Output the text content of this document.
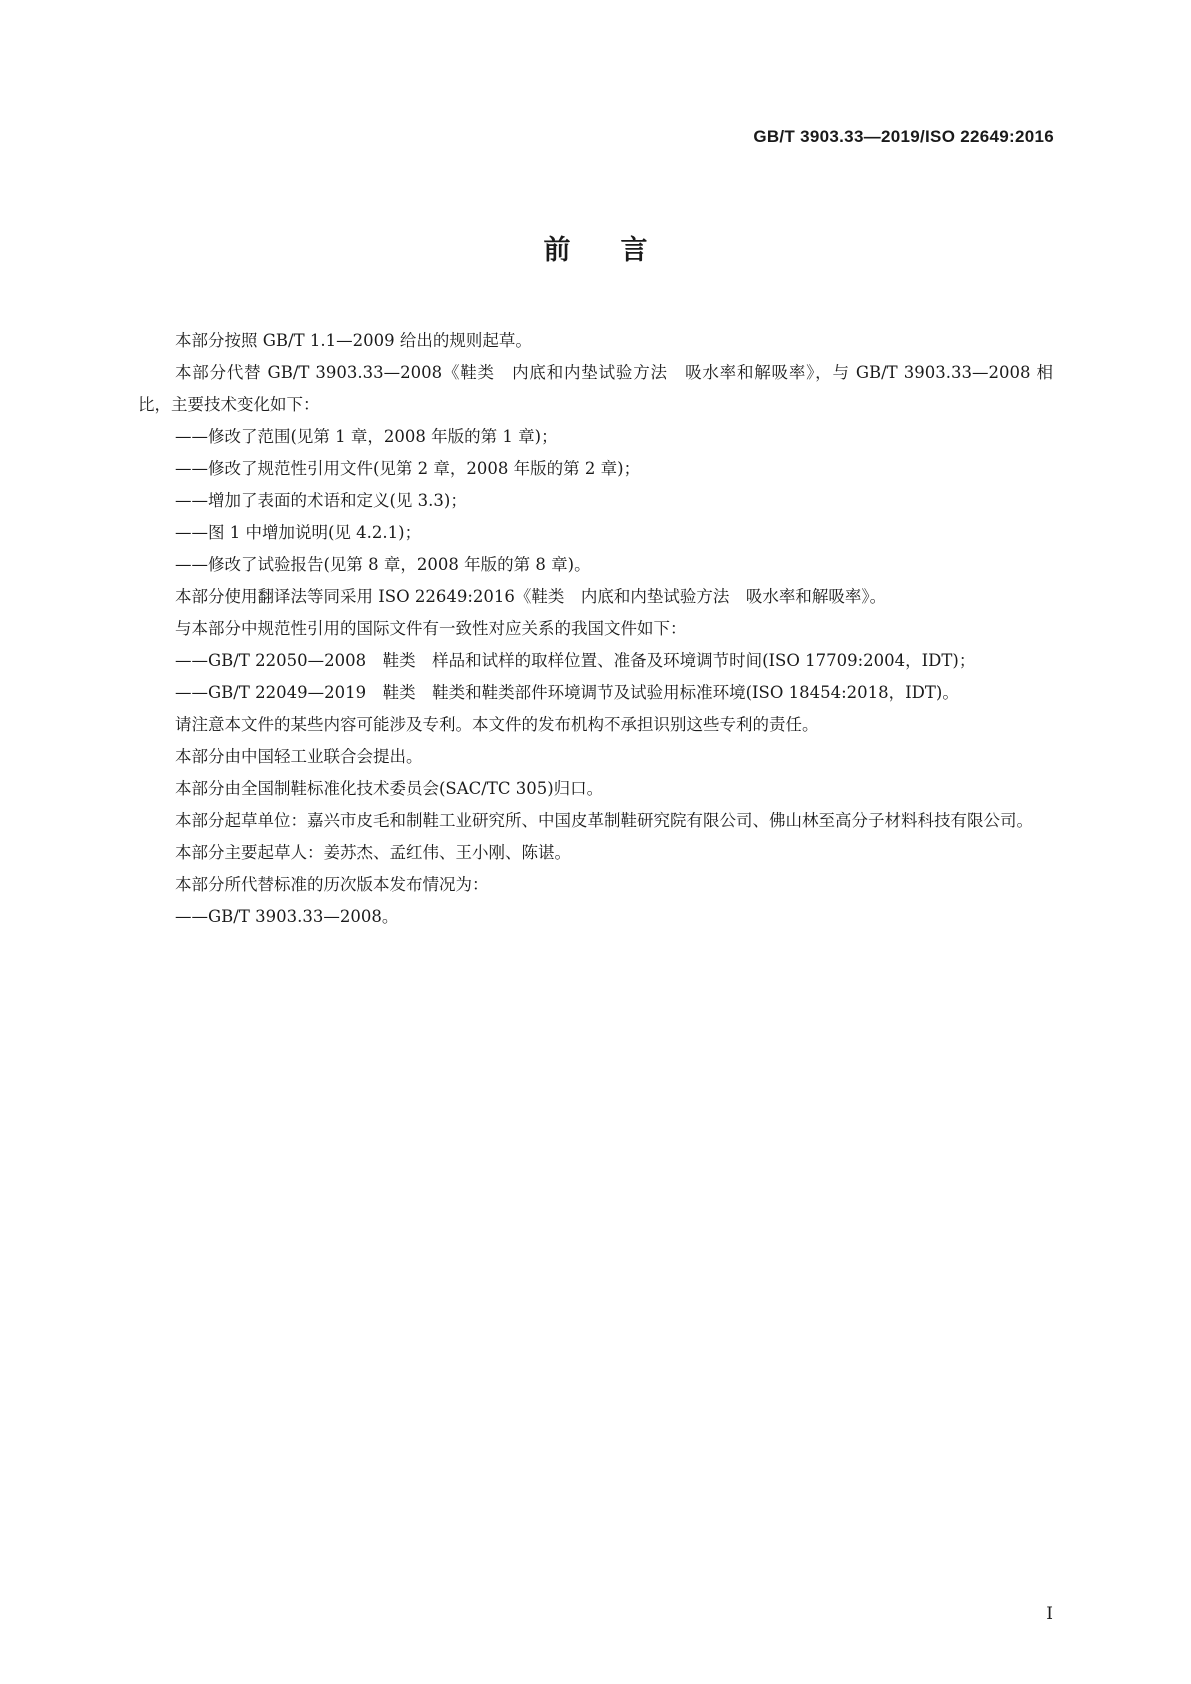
GB/T 3903.33—2019/ISO 22649:2016
前言

本部分按照 GB/T 1.1—2009 给出的规则起草。

本部分代替 GB/T 3903.33—2008《鞋类　内底和内垫试验方法　吸水率和解吸率》，与 GB/T 3903.33—2008 相比，主要技术变化如下：

——修改了范围(见第 1 章，2008 年版的第 1 章)；

——修改了规范性引用文件(见第 2 章，2008 年版的第 2 章)；

——增加了表面的术语和定义(见 3.3)；

——图 1 中增加说明(见 4.2.1)；

——修改了试验报告(见第 8 章，2008 年版的第 8 章)。

本部分使用翻译法等同采用 ISO 22649:2016《鞋类　内底和内垫试验方法　吸水率和解吸率》。

与本部分中规范性引用的国际文件有一致性对应关系的我国文件如下：

——GB/T 22050—2008　鞋类　样品和试样的取样位置、准备及环境调节时间(ISO 17709:2004，IDT)；

——GB/T 22049—2019　鞋类　鞋类和鞋类部件环境调节及试验用标准环境(ISO 18454:2018，IDT)。

请注意本文件的某些内容可能涉及专利。本文件的发布机构不承担识别这些专利的责任。

本部分由中国轻工业联合会提出。

本部分由全国制鞋标准化技术委员会(SAC/TC 305)归口。

本部分起草单位：嘉兴市皮毛和制鞋工业研究所、中国皮革制鞋研究院有限公司、佛山林至高分子材料科技有限公司。

本部分主要起草人：姜苏杰、孟红伟、王小刚、陈谌。

本部分所代替标准的历次版本发布情况为：

——GB/T 3903.33—2008。

I
